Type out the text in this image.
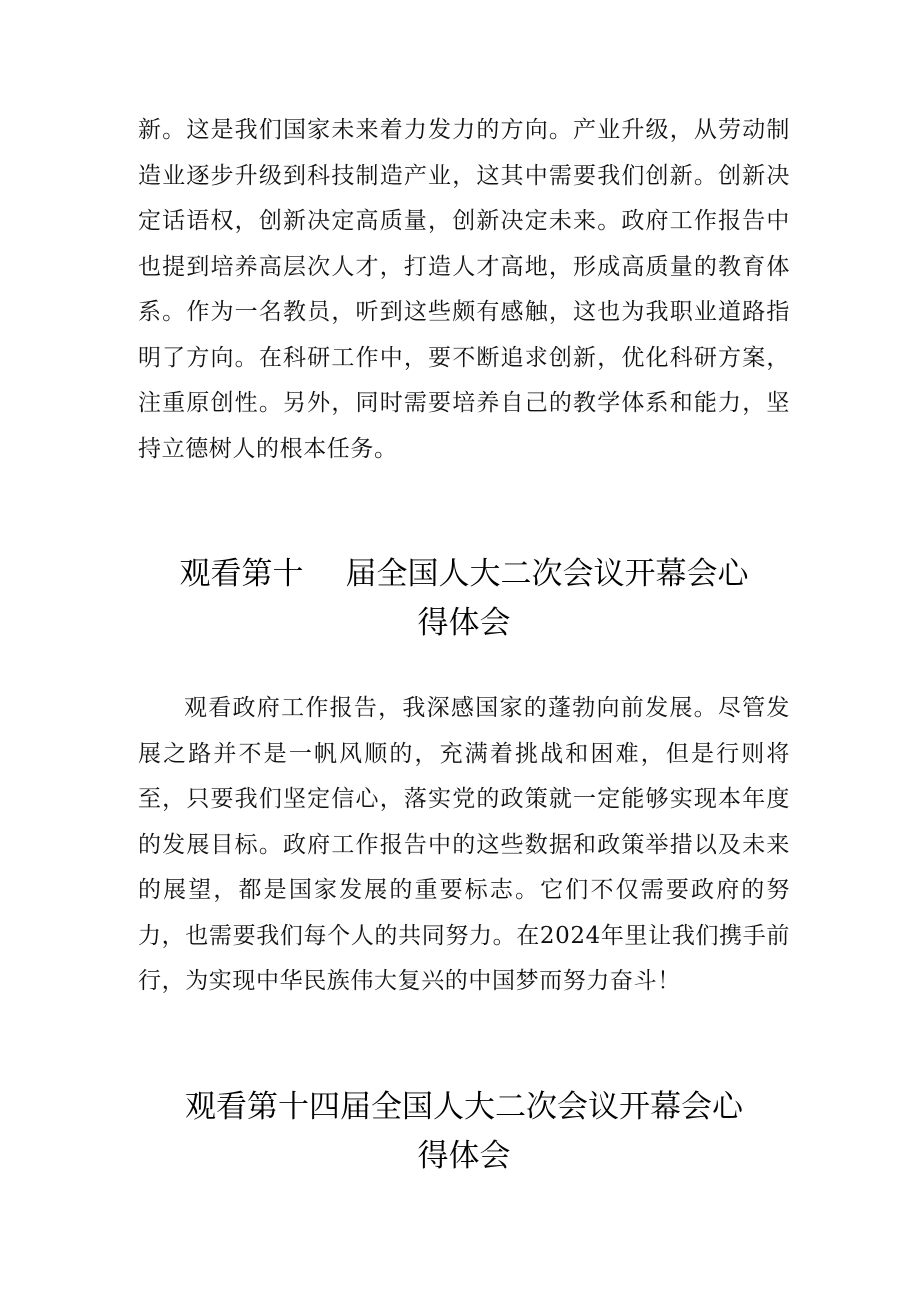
新。这是我们国家未来着力发力的方向。产业升级，从劳动制造业逐步升级到科技制造产业，这其中需要我们创新。创新决定话语权，创新决定高质量，创新决定未来。政府工作报告中也提到培养高层次人才，打造人才高地，形成高质量的教育体系。作为一名教员，听到这些颇有感触，这也为我职业道路指明了方向。在科研工作中，要不断追求创新，优化科研方案，注重原创性。另外，同时需要培养自己的教学体系和能力，坚持立德树人的根本任务。

观看第十 届全国人大二次会议开幕会心
得体会

观看政府工作报告，我深感国家的蓬勃向前发展。尽管发展之路并不是一帆风顺的，充满着挑战和困难，但是行则将至，只要我们坚定信心，落实党的政策就一定能够实现本年度的发展目标。政府工作报告中的这些数据和政策举措以及未来的展望，都是国家发展的重要标志。它们不仅需要政府的努力，也需要我们每个人的共同努力。在2024年里让我们携手前行，为实现中华民族伟大复兴的中国梦而努力奋斗！

观看第十四届全国人大二次会议开幕会心
得体会
